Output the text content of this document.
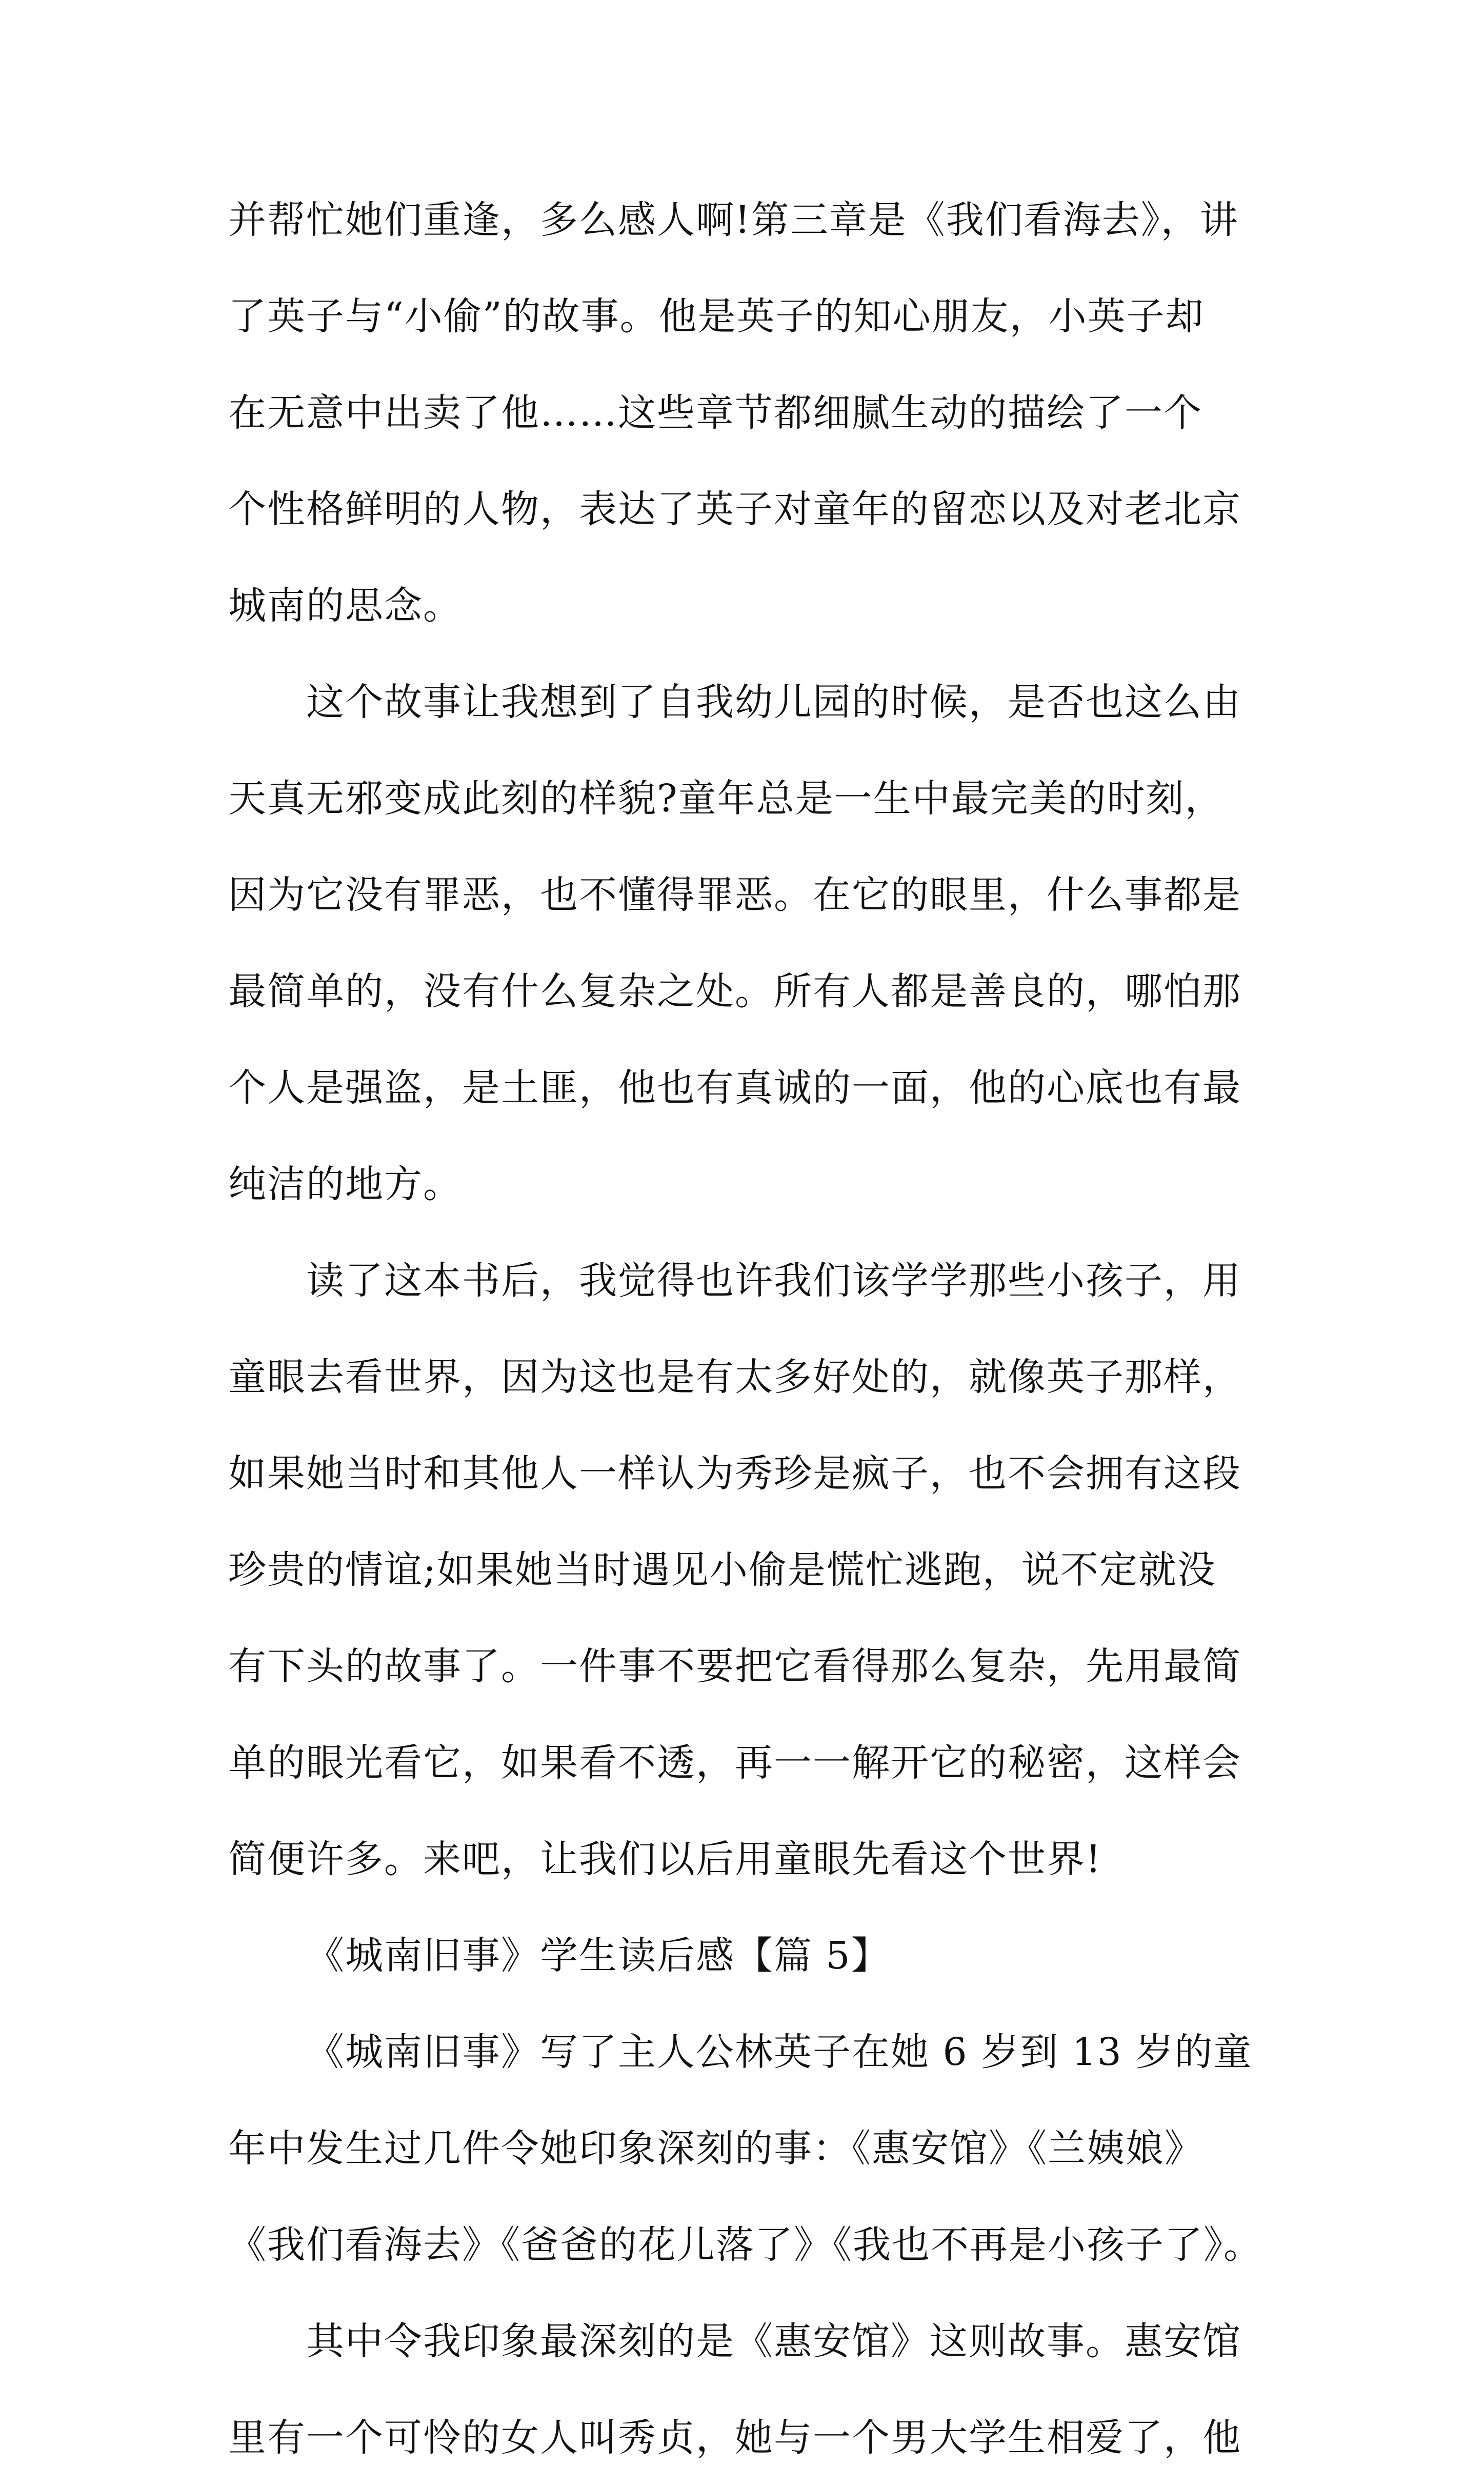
并帮忙她们重逢，多么感人啊!第三章是《我们看海去》，讲
了英子与“小偷”的故事。他是英子的知心朋友，小英子却
在无意中出卖了他……这些章节都细腻生动的描绘了一个
个性格鲜明的人物，表达了英子对童年的留恋以及对老北京
城南的思念。
这个故事让我想到了自我幼儿园的时候，是否也这么由
天真无邪变成此刻的样貌?童年总是一生中最完美的时刻，
因为它没有罪恶，也不懂得罪恶。在它的眼里，什么事都是
最简单的，没有什么复杂之处。所有人都是善良的，哪怕那
个人是强盗，是土匪，他也有真诚的一面，他的心底也有最
纯洁的地方。
读了这本书后，我觉得也许我们该学学那些小孩子，用
童眼去看世界，因为这也是有太多好处的，就像英子那样，
如果她当时和其他人一样认为秀珍是疯子，也不会拥有这段
珍贵的情谊;如果她当时遇见小偷是慌忙逃跑，说不定就没
有下头的故事了。一件事不要把它看得那么复杂，先用最简
单的眼光看它，如果看不透，再一一解开它的秘密，这样会
简便许多。来吧，让我们以后用童眼先看这个世界!
《城南旧事》学生读后感【篇 5】
《城南旧事》写了主人公林英子在她 6 岁到 13 岁的童
年中发生过几件令她印象深刻的事：《惠安馆》《兰姨娘》
《我们看海去》《爸爸的花儿落了》《我也不再是小孩子了》。
其中令我印象最深刻的是《惠安馆》这则故事。惠安馆
里有一个可怜的女人叫秀贞，她与一个男大学生相爱了，他
